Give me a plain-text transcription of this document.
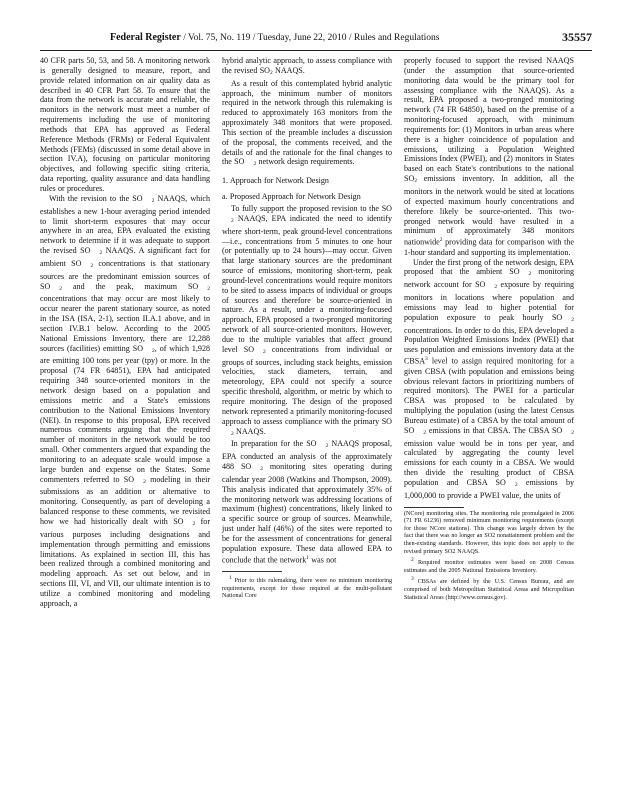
Federal Register / Vol. 75, No. 119 / Tuesday, June 22, 2010 / Rules and Regulations	35557

40 CFR parts 50, 53, and 58. A monitoring network is generally designed to measure, report, and provide related information on air quality data as described in 40 CFR Part 58. To ensure that the data from the network is accurate and reliable, the monitors in the network must meet a number of requirements including the use of monitoring methods that EPA has approved as Federal Reference Methods (FRMs) or Federal Equivalent Methods (FEMs) (discussed in some detail above in section IV.A), focusing on particular monitoring objectives, and following specific siting criteria, data reporting, quality assurance and data handling rules or procedures.

With the revision to the SO 2 NAAQS, which establishes a new 1-hour averaging period intended to limit short-term exposures that may occur anywhere in an area, EPA evaluated the existing network to determine if it was adequate to support the revised SO 2 NAAQS. A significant fact for ambient SO 2 concentrations is that stationary sources are the predominant emission sources of SO 2 and the peak, maximum SO 2 concentrations that may occur are most likely to occur nearer the parent stationary source, as noted in the ISA (ISA, 2-1), section II.A.1 above, and in section IV.B.1 below. According to the 2005 National Emissions Inventory, there are 12,288 sources (facilities) emitting SO 2, of which 1,928 are emitting 100 tons per year (tpy) or more. In the proposal (74 FR 64851), EPA had anticipated requiring 348 source-oriented monitors in the network design based on a population and emissions metric and a State's emissions contribution to the National Emissions Inventory (NEI). In response to this proposal, EPA received numerous comments arguing that the required number of monitors in the network would be too small. Other commenters argued that expanding the monitoring to an adequate scale would impose a large burden and expense on the States. Some commenters referred to SO 2 modeling in their submissions as an addition or alternative to monitoring. Consequently, as part of developing a balanced response to these comments, we revisited how we had historically dealt with SO 2 for various purposes including designations and implementation through permitting and emissions limitations. As explained in section III, this has been realized through a combined monitoring and modeling approach. As set out below, and in sections III, VI, and VII, our ultimate intention is to utilize a combined monitoring and modeling approach, a

hybrid analytic approach, to assess compliance with the revised SO2 NAAQS.

As a result of this contemplated hybrid analytic approach, the minimum number of monitors required in the network through this rulemaking is reduced to approximately 163 monitors from the approximately 348 monitors that were proposed. This section of the preamble includes a discussion of the proposal, the comments received, and the details of and the rationale for the final changes to the SO 2 network design requirements.

1. Approach for Network Design

a. Proposed Approach for Network Design

To fully support the proposed revision to the SO2 NAAQS, EPA indicated the need to identify where short-term, peak ground-level concentrations—i.e., concentrations from 5 minutes to one hour (or potentially up to 24 hours)—may occur. Given that large stationary sources are the predominant source of emissions, monitoring short-term, peak ground-level concentrations would require monitors to be sited to assess impacts of individual or groups of sources and therefore be source-oriented in nature. As a result, under a monitoring-focused approach, EPA proposed a two-pronged monitoring network of all source-oriented monitors. However, due to the multiple variables that affect ground level SO 2 concentrations from individual or groups of sources, including stack heights, emission velocities, stack diameters, terrain, and meteorology, EPA could not specify a source specific threshold, algorithm, or metric by which to require monitoring. The design of the proposed network represented a primarily monitoring-focused approach to assess compliance with the primary SO2 NAAQS.

In preparation for the SO 2 NAAQS proposal, EPA conducted an analysis of the approximately 488 SO 2 monitoring sites operating during calendar year 2008 (Watkins and Thompson, 2009). This analysis indicated that approximately 35% of the monitoring network was addressing locations of maximum (highest) concentrations, likely linked to a specific source or group of sources. Meanwhile, just under half (46%) of the sites were reported to be for the assessment of concentrations for general population exposure. These data allowed EPA to conclude that the network$^1$ was not

$^1$ Prior to this rulemaking, there were no minimum monitoring requirements, except for those required at the multi-pollutant National Core

properly focused to support the revised NAAQS (under the assumption that source-oriented monitoring data would be the primary tool for assessing compliance with the NAAQS). As a result, EPA proposed a two-pronged monitoring network (74 FR 64850), based on the premise of a monitoring-focused approach, with minimum requirements for: (1) Monitors in urban areas where there is a higher coincidence of population and emissions, utilizing a Population Weighted Emissions Index (PWEI), and (2) monitors in States based on each State's contributions to the national SO2 emissions inventory. In addition, all the monitors in the network would be sited at locations of expected maximum hourly concentrations and therefore likely be source-oriented. This two-pronged network would have resulted in a minimum of approximately 348 monitors nationwide$^2$ providing data for comparison with the 1-hour standard and supporting its implementation.

Under the first prong of the network design, EPA proposed that the ambient SO 2 monitoring network account for SO 2 exposure by requiring monitors in locations where population and emissions may lead to higher potential for population exposure to peak hourly SO 2 concentrations. In order to do this, EPA developed a Population Weighted Emissions Index (PWEI) that uses population and emissions inventory data at the CBSA$^3$ level to assign required monitoring for a given CBSA (with population and emissions being obvious relevant factors in prioritizing numbers of required monitors). The PWEI for a particular CBSA was proposed to be calculated by multiplying the population (using the latest Census Bureau estimate) of a CBSA by the total amount of SO 2 emissions in that CBSA. The CBSA SO 2 emission value would be in tons per year, and calculated by aggregating the county level emissions for each county in a CBSA. We would then divide the resulting product of CBSA population and CBSA SO 2 emissions by 1,000,000 to provide a PWEI value, the units of

(NCore) monitoring sites. The monitoring rule promulgated in 2006 (71 FR 61236) removed minimum monitoring requirements (except for those NCore stations). This change was largely driven by the fact that there was no longer an SO2 nonattainment problem and the then-existing standards. However, this topic does not apply to the revised primary SO2 NAAQS.

$^2$ Required monitor estimates were based on 2008 Census estimates and the 2005 National Emissions Inventory.

$^3$ CBSAs are defined by the U.S. Census Bureau, and are comprised of both Metropolitan Statistical Areas and Micropolitan Statistical Areas (http://www.census.gov).
